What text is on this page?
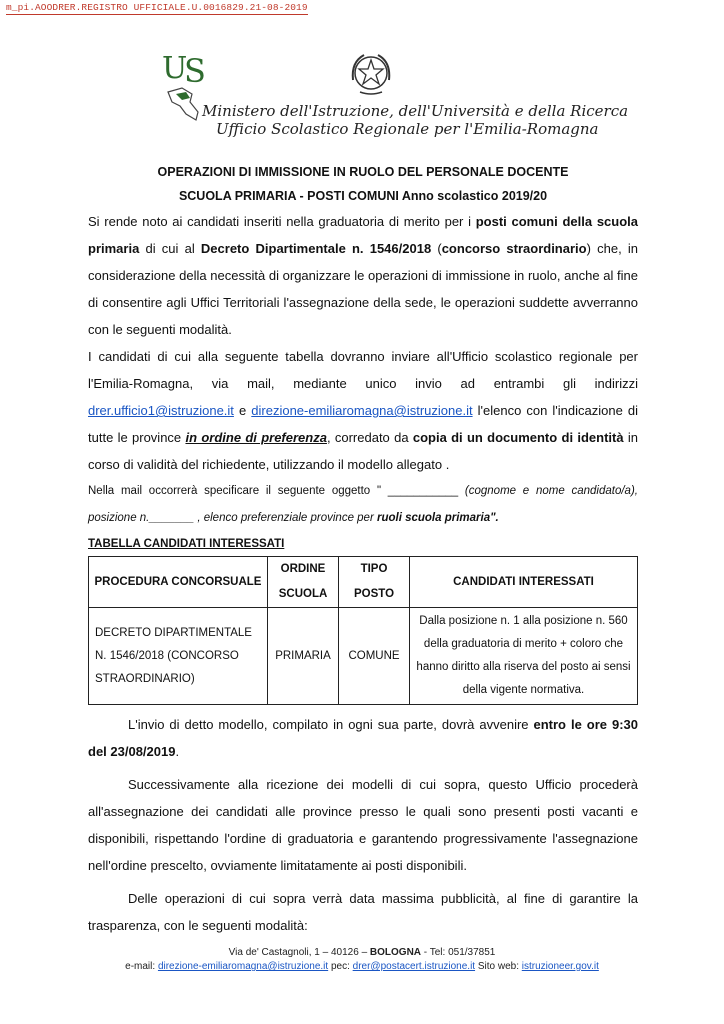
m_pi.AOODRER.REGISTRO UFFICIALE.U.0016829.21-08-2019
U
S
Ministero dell'Istruzione, dell'Università e della Ricerca
Ufficio Scolastico Regionale per l'Emilia-Romagna
OPERAZIONI DI IMMISSIONE IN RUOLO DEL PERSONALE DOCENTE
SCUOLA PRIMARIA - POSTI COMUNI Anno scolastico 2019/20
Si rende noto ai candidati inseriti nella graduatoria di merito per i posti comuni della scuola primaria di cui al Decreto Dipartimentale n. 1546/2018 (concorso straordinario) che, in considerazione della necessità di organizzare le operazioni di immissione in ruolo, anche al fine di consentire agli Uffici Territoriali l'assegnazione della sede, le operazioni suddette avverranno con le seguenti modalità.
I candidati di cui alla seguente tabella dovranno inviare all'Ufficio scolastico regionale per l'Emilia-Romagna, via mail, mediante unico invio ad entrambi gli indirizzi drer.ufficio1@istruzione.it e direzione-emiliaromagna@istruzione.it l'elenco con l'indicazione di tutte le province in ordine di preferenza, corredato da copia di un documento di identità in corso di validità del richiedente, utilizzando il modello allegato .
Nella mail occorrerà specificare il seguente oggetto " ___________ (cognome e nome candidato/a), posizione n._______ , elenco preferenziale province per ruoli scuola primaria".
TABELLA CANDIDATI INTERESSATI
PROCEDURA CONCORSUALE	ORDINE SCUOLA	TIPO POSTO	CANDIDATI INTERESSATI
DECRETO DIPARTIMENTALE N. 1546/2018 (CONCORSO STRAORDINARIO)	PRIMARIA	COMUNE	Dalla posizione n. 1 alla posizione n. 560 della graduatoria di merito + coloro che hanno diritto alla riserva del posto ai sensi della vigente normativa.
L'invio di detto modello, compilato in ogni sua parte, dovrà avvenire entro le ore 9:30 del 23/08/2019.
Successivamente alla ricezione dei modelli di cui sopra, questo Ufficio procederà all'assegnazione dei candidati alle province presso le quali sono presenti posti vacanti e disponibili, rispettando l'ordine di graduatoria e garantendo progressivamente l'assegnazione nell'ordine prescelto, ovviamente limitatamente ai posti disponibili.
Delle operazioni di cui sopra verrà data massima pubblicità, al fine di garantire la trasparenza, con le seguenti modalità:
Via de' Castagnoli, 1 – 40126 – BOLOGNA - Tel: 051/37851
e-mail: direzione-emiliaromagna@istruzione.it pec: drer@postacert.istruzione.it Sito web: istruzioneer.gov.it
